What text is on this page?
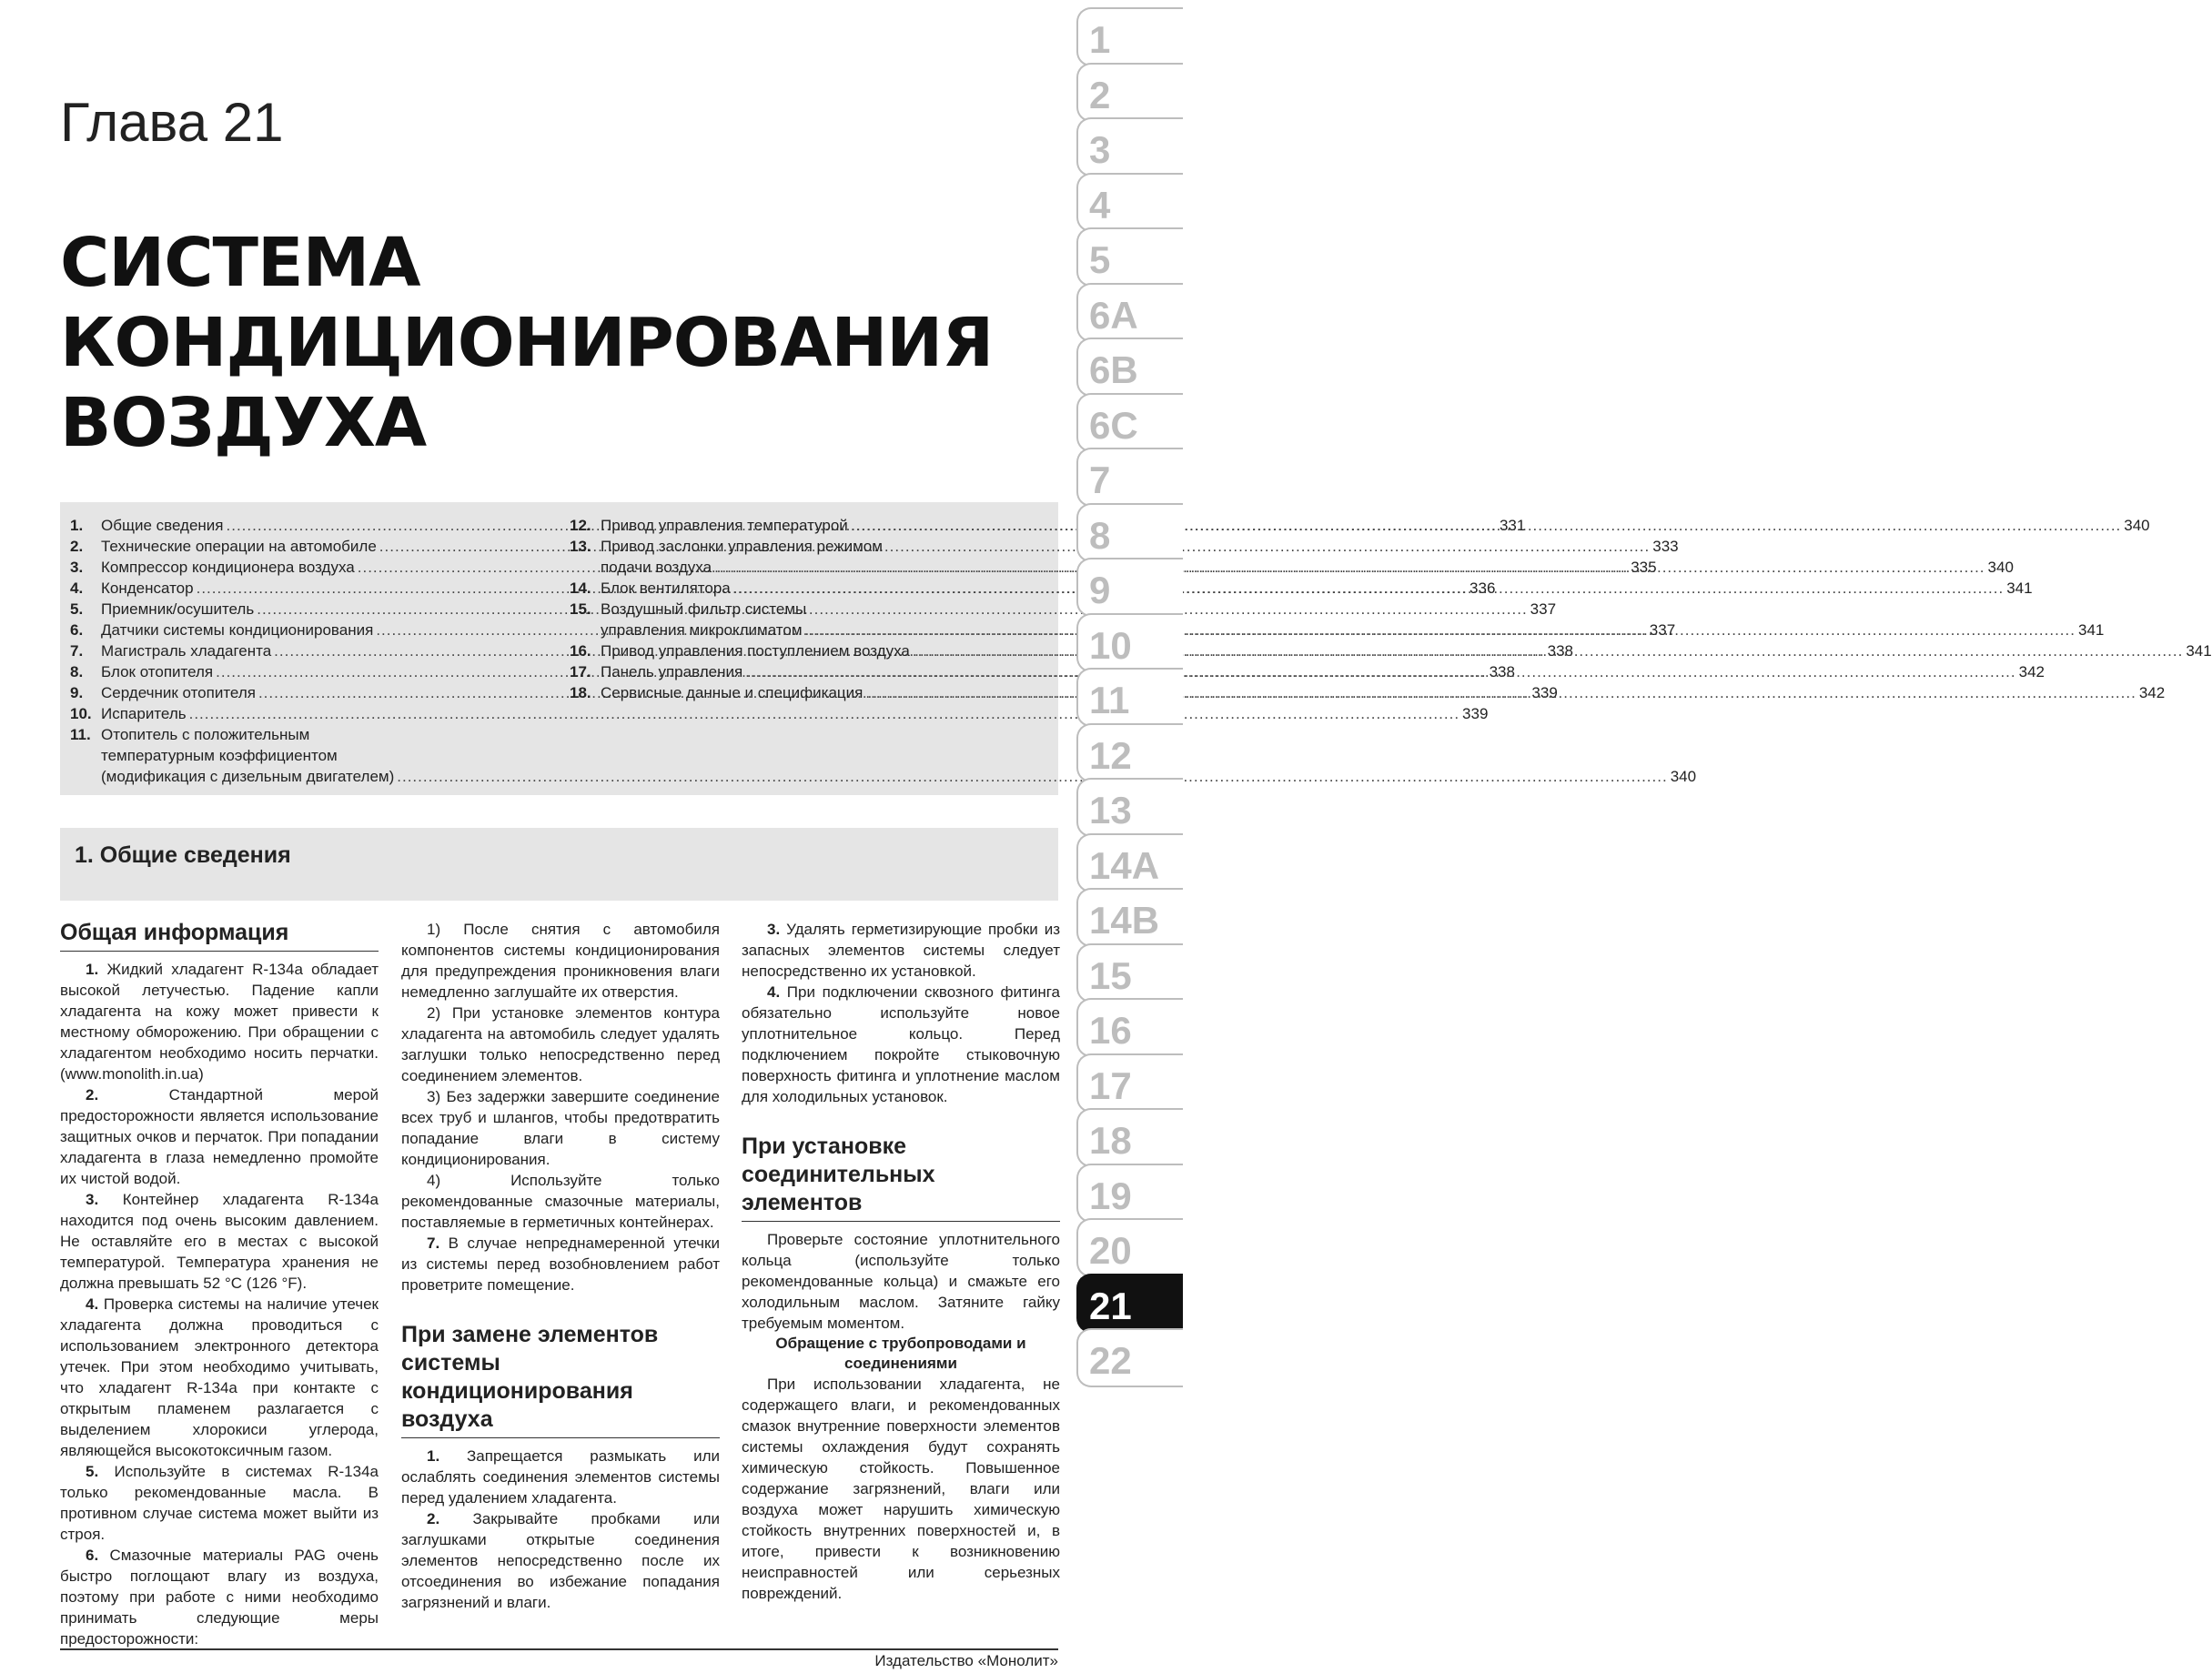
Глава 21
СИСТЕМА
КОНДИЦИОНИРОВАНИЯ
ВОЗДУХА
1.	Общие сведения .....	331
2.	Технические операции на автомобиле .....	333
3.	Компрессор кондиционера воздуха .....	335
4.	Конденсатор .....	336
5.	Приемник/осушитель .....	337
6.	Датчики системы кондиционирования .....	337
7.	Магистраль хладагента .....	338
8.	Блок отопителя .....	338
9.	Сердечник отопителя .....	339
10. Испаритель .....	339
11. Отопитель с положительным
температурным коэффициентом
(модификация с дизельным двигателем) .....	340
12. Привод управления температурой .....	340
13. Привод заслонки управления режимом
подачи воздуха .....	340
14. Блок вентилятора .....	341
15. Воздушный фильтр системы
управления микроклиматом .....	341
16. Привод управления поступлением воздуха .....	341
17. Панель управления .....	342
18. Сервисные данные и спецификация .....	342
1. Общие сведения
Общая информация

1. Жидкий хладагент R-134a обладает высокой летучестью. Падение капли хладагента на кожу может привести к местному обморожению. При обращении с хладагентом необходимо носить перчатки. (www.monolith.in.ua)

2.	Стандартной мерой предосторожности является использование защитных очков и перчаток. При попадании хладагента в глаза немедленно промойте их чистой водой.

3. Контейнер хладагента R-134a находится под очень высоким давлением. Не оставляйте его в местах с высокой температурой. Температура хранения не должна превышать 52 °С (126 °F).

4. Проверка системы на наличие утечек хладагента должна проводиться с использованием электронного детектора утечек. При этом необходимо учитывать, что хладагент R-134a при контакте с открытым пламенем разлагается с выделением хлорокиси углерода, являющейся высокотоксичным газом.

5. Используйте в системах R-134a только рекомендованные масла. В противном случае система может выйти из строя.

6. Смазочные материалы PAG очень быстро поглощают влагу из воздуха, поэтому при работе с ними необходимо принимать следующие меры предосторожности:

1) После снятия с автомобиля компонентов системы кондиционирования для предупреждения проникновения влаги немедленно заглушайте их отверстия.

2) При установке элементов контура хладагента на автомобиль следует удалять заглушки только непосредственно перед соединением элементов.

3) Без задержки завершите соединение всех труб и шлангов, чтобы предотвратить попадание влаги в систему кондиционирования.

4) Используйте только рекомендованные смазочные материалы, поставляемые в герметичных контейнерах.

7. В случае непреднамеренной утечки из системы перед возобновлением работ проветрите помещение.

При замене элементов системы кондиционирования воздуха

1. Запрещается размыкать или ослаблять соединения элементов системы перед удалением хладагента.

2. Закрывайте пробками или заглушками открытые соединения элементов непосредственно после их отсоединения во избежание попадания загрязнений и влаги.

3. Удалять герметизирующие пробки из запасных элементов системы следует непосредственно их установкой.

4. При подключении сквозного фитинга обязательно используйте новое уплотнительное кольцо. Перед подключением покройте стыковочную поверхность фитинга и уплотнение маслом для холодильных установок.

При установке соединительных элементов

Проверьте состояние уплотнительного кольца (используйте только рекомендованные кольца) и смажьте его холодильным маслом. Затяните гайку требуемым моментом.

Обращение с трубопроводами и соединениями

При использовании хладагента, не содержащего влаги, и рекомендованных смазок внутренние поверхности элементов системы охлаждения будут сохранять химическую стойкость. Повышенное содержание загрязнений, влаги или воздуха может нарушить химическую стойкость внутренних поверхностей и, в итоге, привести к возникновению неисправностей или серьезных повреждений.

1
2
3
4
5
6A
6B
6C
7
8
9
10
11
12
13
14A
14B
15
16
17
18
19
20
21
22
Издательство «Монолит»
